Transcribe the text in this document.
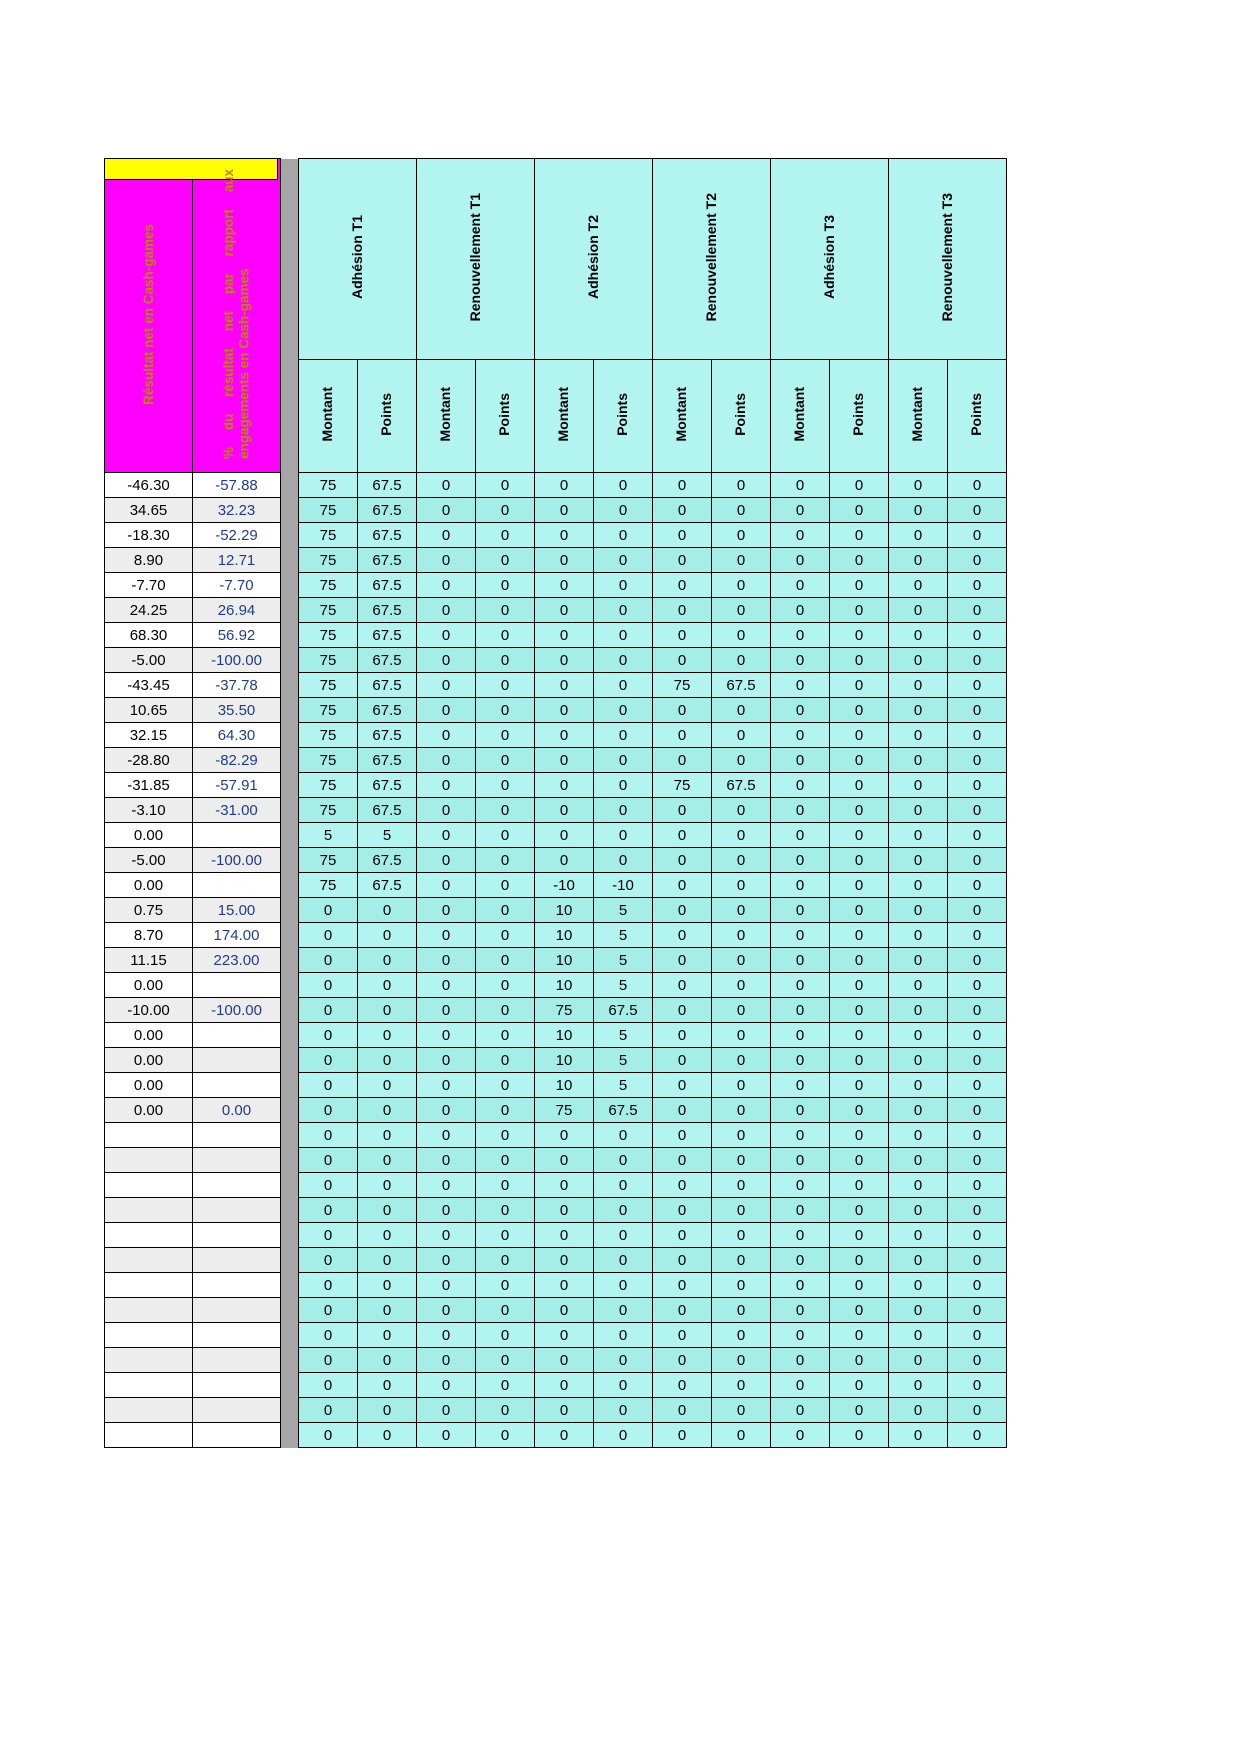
Résultat net en Cash-games	% du résultat net par rapport aux engagements en Cash-games		Adhésion T1		Renouvellement T1		Adhésion T2		Renouvellement T2		Adhésion T3		Renouvellement T3	
			Montant	Points	Montant	Points	Montant	Points	Montant	Points	Montant	Points	Montant	Points
-46.30	-57.88		75	67.5	0	0	0	0	0	0	0	0	0	0
34.65	32.23		75	67.5	0	0	0	0	0	0	0	0	0	0
-18.30	-52.29		75	67.5	0	0	0	0	0	0	0	0	0	0
8.90	12.71		75	67.5	0	0	0	0	0	0	0	0	0	0
-7.70	-7.70		75	67.5	0	0	0	0	0	0	0	0	0	0
24.25	26.94		75	67.5	0	0	0	0	0	0	0	0	0	0
68.30	56.92		75	67.5	0	0	0	0	0	0	0	0	0	0
-5.00	-100.00		75	67.5	0	0	0	0	0	0	0	0	0	0
-43.45	-37.78		75	67.5	0	0	0	0	75	67.5	0	0	0	0
10.65	35.50		75	67.5	0	0	0	0	0	0	0	0	0	0
32.15	64.30		75	67.5	0	0	0	0	0	0	0	0	0	0
-28.80	-82.29		75	67.5	0	0	0	0	0	0	0	0	0	0
-31.85	-57.91		75	67.5	0	0	0	0	75	67.5	0	0	0	0
-3.10	-31.00		75	67.5	0	0	0	0	0	0	0	0	0	0
0.00			5	5	0	0	0	0	0	0	0	0	0	0
-5.00	-100.00		75	67.5	0	0	0	0	0	0	0	0	0	0
0.00			75	67.5	0	0	-10	-10	0	0	0	0	0	0
0.75	15.00		0	0	0	0	10	5	0	0	0	0	0	0
8.70	174.00		0	0	0	0	10	5	0	0	0	0	0	0
11.15	223.00		0	0	0	0	10	5	0	0	0	0	0	0
0.00			0	0	0	0	10	5	0	0	0	0	0	0
-10.00	-100.00		0	0	0	0	75	67.5	0	0	0	0	0	0
0.00			0	0	0	0	10	5	0	0	0	0	0	0
0.00			0	0	0	0	10	5	0	0	0	0	0	0
0.00			0	0	0	0	10	5	0	0	0	0	0	0
0.00	0.00		0	0	0	0	75	67.5	0	0	0	0	0	0
			0	0	0	0	0	0	0	0	0	0	0	0
			0	0	0	0	0	0	0	0	0	0	0	0
			0	0	0	0	0	0	0	0	0	0	0	0
			0	0	0	0	0	0	0	0	0	0	0	0
			0	0	0	0	0	0	0	0	0	0	0	0
			0	0	0	0	0	0	0	0	0	0	0	0
			0	0	0	0	0	0	0	0	0	0	0	0
			0	0	0	0	0	0	0	0	0	0	0	0
			0	0	0	0	0	0	0	0	0	0	0	0
			0	0	0	0	0	0	0	0	0	0	0	0
			0	0	0	0	0	0	0	0	0	0	0	0
			0	0	0	0	0	0	0	0	0	0	0	0
			0	0	0	0	0	0	0	0	0	0	0	0
